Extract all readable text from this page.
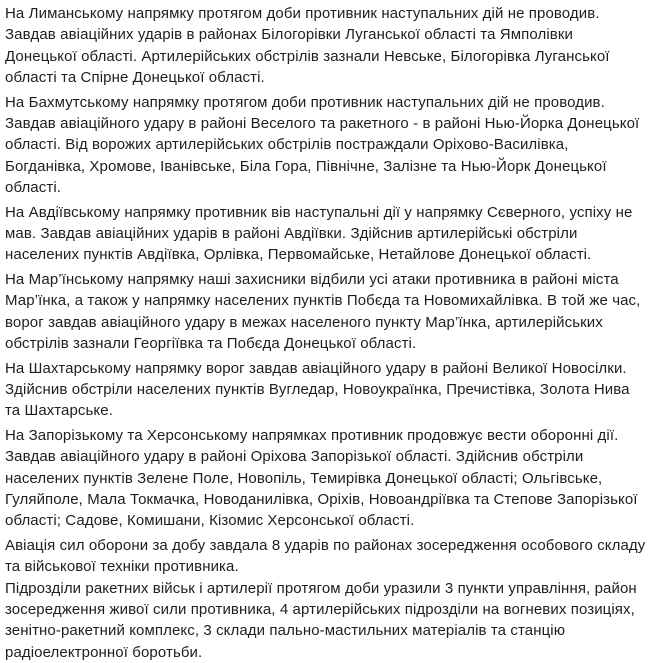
На Лиманському напрямку протягом доби противник наступальних дій не проводив. Завдав авіаційних ударів в районах Білогорівки Луганської області та Ямполівки Донецької області. Артилерійських обстрілів зазнали Невське, Білогорівка Луганської області та Спірне Донецької області.

На Бахмутському напрямку протягом доби противник наступальних дій не проводив. Завдав авіаційного удару в районі Веселого та ракетного - в районі Нью-Йорка Донецької області. Від ворожих артилерійських обстрілів постраждали Оріхово-Василівка, Богданівка, Хромове, Іванівське, Біла Гора, Північне, Залізне та Нью-Йорк Донецької області.

На Авдіївському напрямку противник вів наступальні дії у напрямку Сєверного, успіху не мав. Завдав авіаційних ударів в районі Авдіївки. Здійснив артилерійські обстріли населених пунктів Авдіївка, Орлівка, Первомайське, Нетайлове Донецької області.

На Мар’їнському напрямку наші захисники відбили усі атаки противника в районі міста Мар’їнка, а також у напрямку населених пунктів Побєда та Новомихайлівка. В той же час, ворог завдав авіаційного удару в межах населеного пункту Мар’їнка, артилерійських обстрілів зазнали Георгіївка та Побєда Донецької області.

На Шахтарському напрямку ворог завдав авіаційного удару в районі Великої Новосілки. Здійснив обстріли населених пунктів Вугледар, Новоукраїнка, Пречистівка, Золота Нива та Шахтарське.

На Запорізькому та Херсонському напрямках противник продовжує вести оборонні дії. Завдав авіаційного удару в районі Оріхова Запорізької області. Здійснив обстріли населених пунктів Зелене Поле, Новопіль, Темирівка Донецької області; Ольгівське, Гуляйполе, Мала Токмачка, Новоданилівка, Оріхів, Новоандріївка та Степове Запорізької області; Садове, Комишани, Кізомис Херсонської області.

Авіація сил оборони за добу завдала 8 ударів по районах зосередження особового складу та військової техніки противника.

Підрозділи ракетних військ і артилерії протягом доби уразили 3 пункти управління, район зосередження живої сили противника, 4 артилерійських підрозділи на вогневих позиціях, зенітно-ракетний комплекс, 3 склади пально-мастильних матеріалів та станцію радіоелектронної боротьби.
